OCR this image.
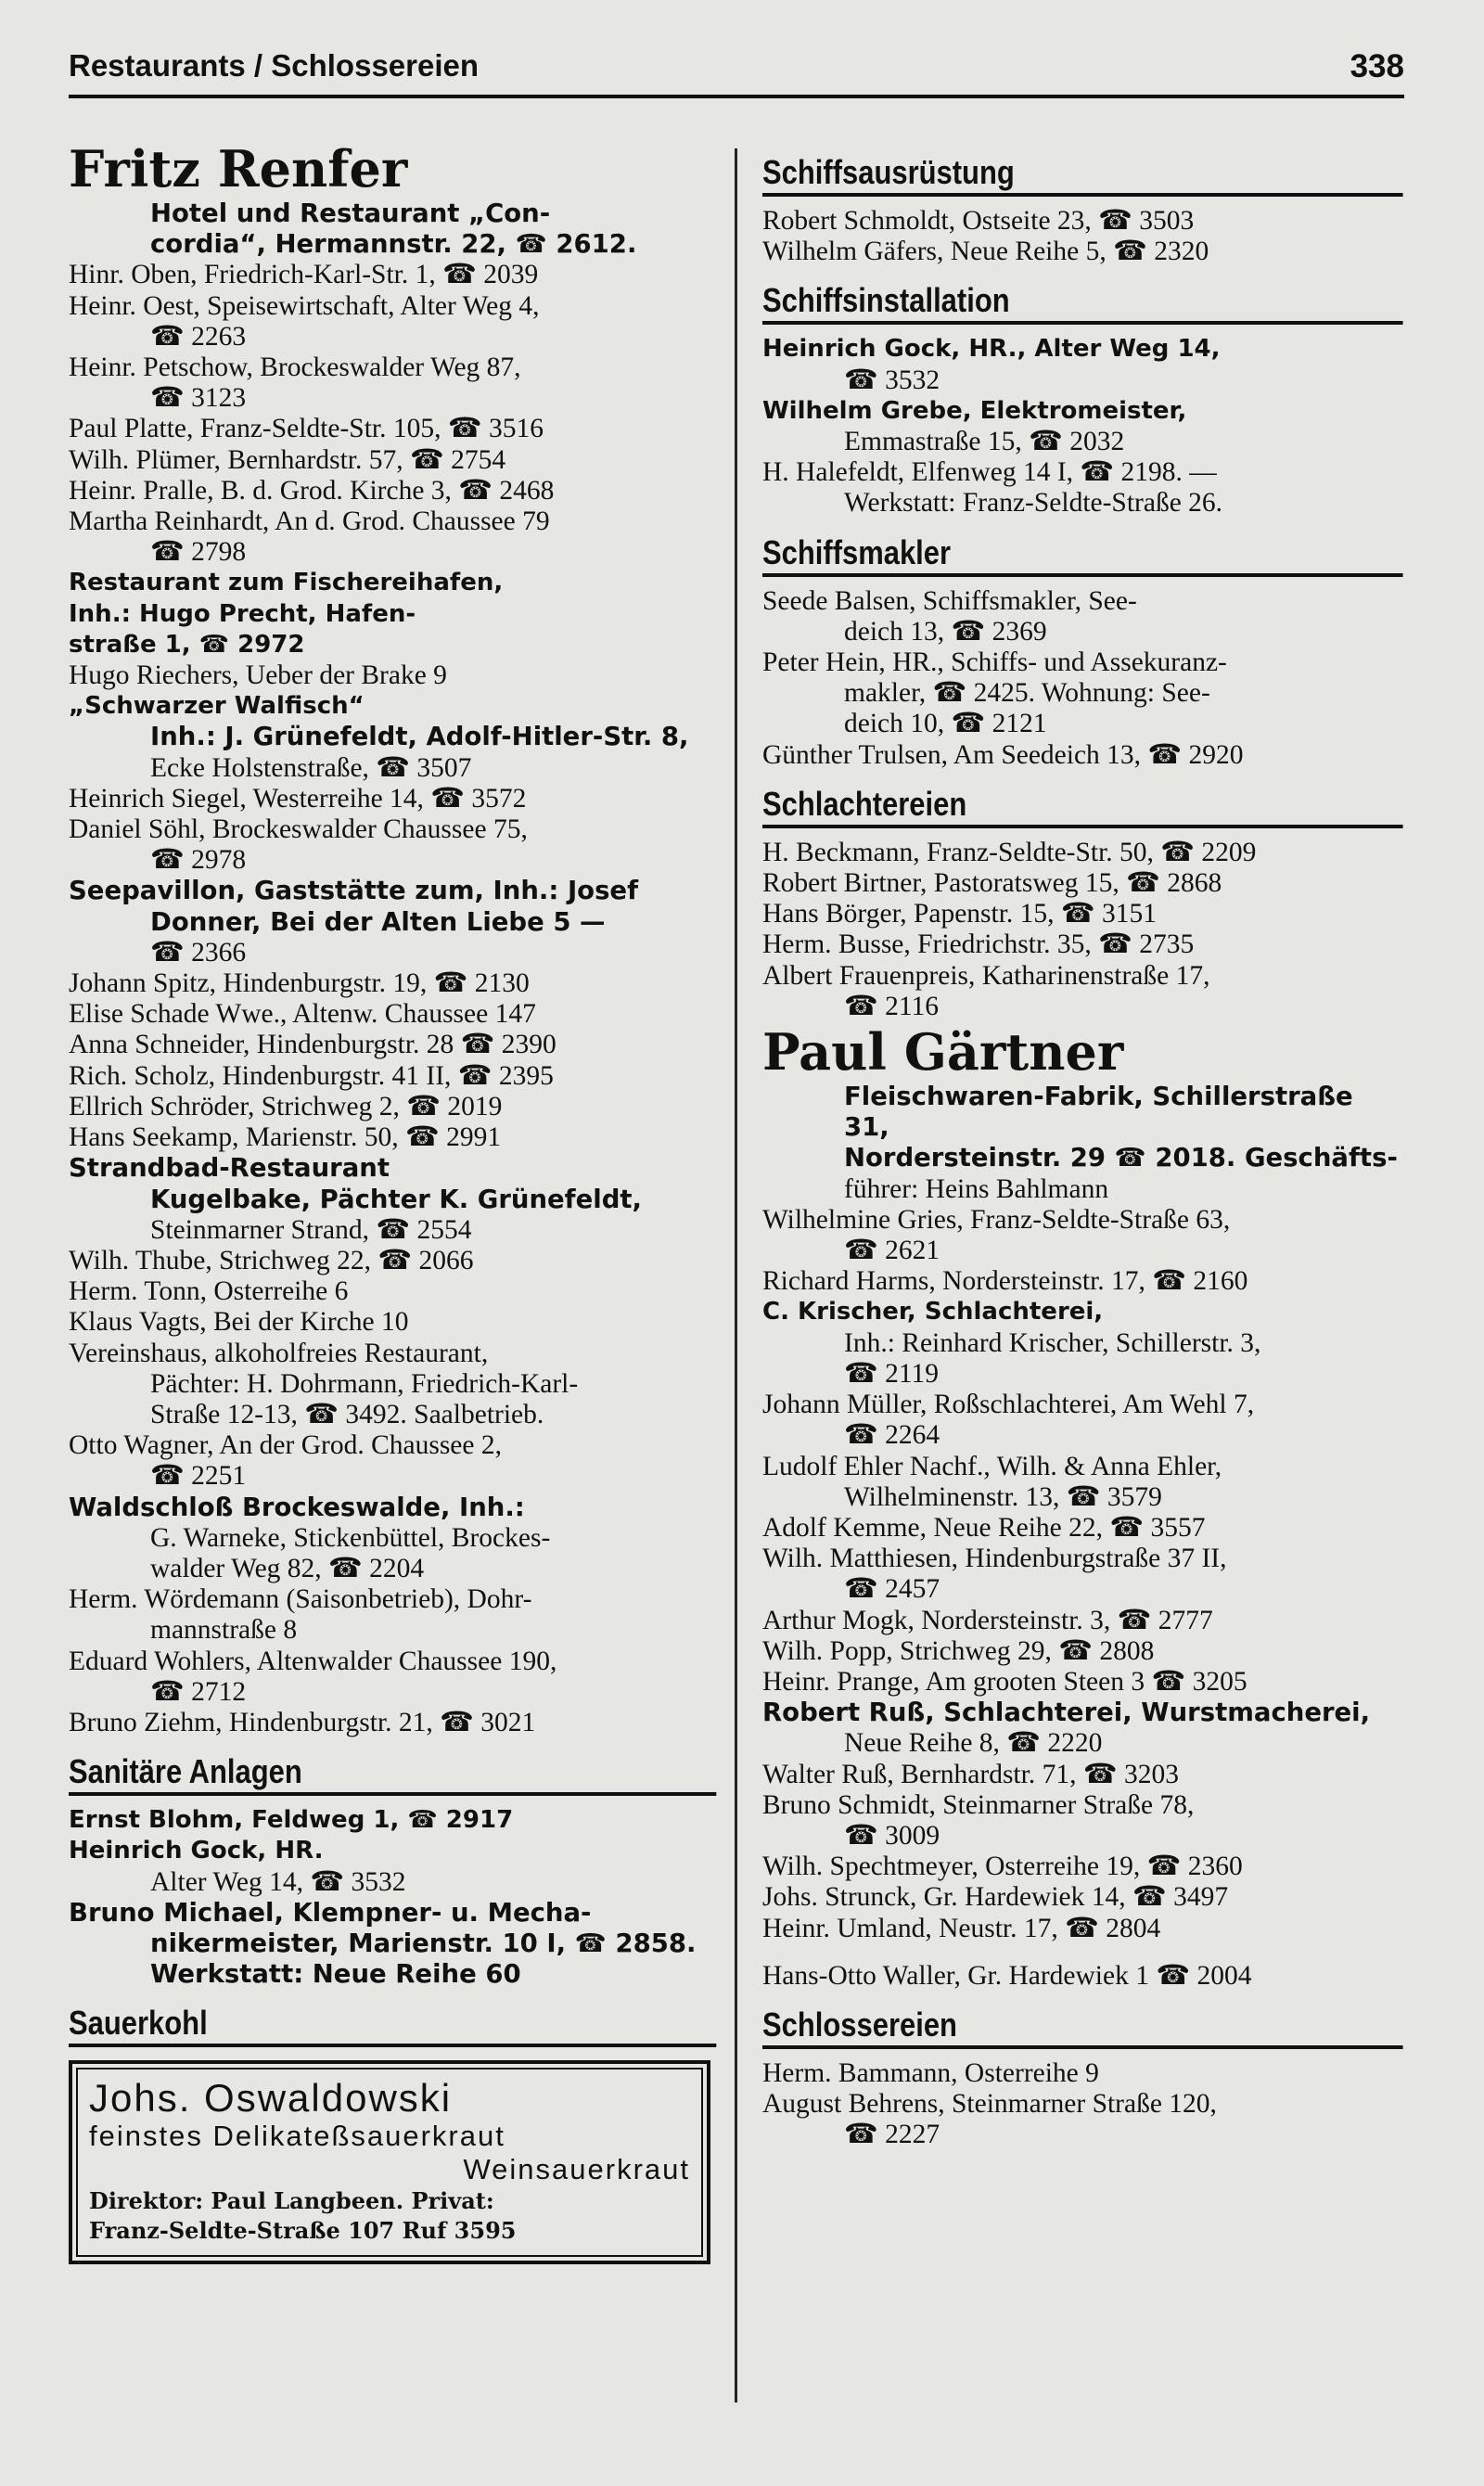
Restaurants / Schlossereien	338
Fritz Renfer
Hotel und Restaurant „Con-
cordia“, Hermannstr. 22, ☎ 2612.
Hinr. Oben, Friedrich-Karl-Str. 1, ☎ 2039
Heinr. Oest, Speisewirtschaft, Alter Weg 4,
☎ 2263
Heinr. Petschow, Brockeswalder Weg 87,
☎ 3123
Paul Platte, Franz-Seldte-Str. 105, ☎ 3516
Wilh. Plümer, Bernhardstr. 57, ☎ 2754
Heinr. Pralle, B. d. Grod. Kirche 3, ☎ 2468
Martha Reinhardt, An d. Grod. Chaussee 79
☎ 2798
Restaurant zum Fischereihafen,
Inh.: Hugo Precht, Hafen-
straße 1, ☎ 2972
Hugo Riechers, Ueber der Brake 9
„Schwarzer Walfisch“
Inh.: J. Grünefeldt, Adolf-Hitler-Str. 8,
Ecke Holstenstraße, ☎ 3507
Heinrich Siegel, Westerreihe 14, ☎ 3572
Daniel Söhl, Brockeswalder Chaussee 75,
☎ 2978
Seepavillon, Gaststätte zum, Inh.: Josef
Donner, Bei der Alten Liebe 5 —
☎ 2366
Johann Spitz, Hindenburgstr. 19, ☎ 2130
Elise Schade Wwe., Altenw. Chaussee 147
Anna Schneider, Hindenburgstr. 28 ☎ 2390
Rich. Scholz, Hindenburgstr. 41 II, ☎ 2395
Ellrich Schröder, Strichweg 2, ☎ 2019
Hans Seekamp, Marienstr. 50, ☎ 2991
Strandbad-Restaurant
Kugelbake, Pächter K. Grünefeldt,
Steinmarner Strand, ☎ 2554
Wilh. Thube, Strichweg 22, ☎ 2066
Herm. Tonn, Osterreihe 6
Klaus Vagts, Bei der Kirche 10
Vereinshaus, alkoholfreies Restaurant,
Pächter: H. Dohrmann, Friedrich-Karl-
Straße 12-13, ☎ 3492. Saalbetrieb.
Otto Wagner, An der Grod. Chaussee 2,
☎ 2251
Waldschloß Brockeswalde, Inh.:
G. Warneke, Stickenbüttel, Brockes-
walder Weg 82, ☎ 2204
Herm. Wördemann (Saisonbetrieb), Dohr-
mannstraße 8
Eduard Wohlers, Altenwalder Chaussee 190,
☎ 2712
Bruno Ziehm, Hindenburgstr. 21, ☎ 3021
Sanitäre Anlagen
Ernst Blohm, Feldweg 1, ☎ 2917
Heinrich Gock, HR.
Alter Weg 14, ☎ 3532
Bruno Michael, Klempner- u. Mecha-
nikermeister, Marienstr. 10 I, ☎ 2858.
Werkstatt: Neue Reihe 60
Sauerkohl
Johs. Oswaldowski
feinstes Delikateßsauerkraut
Weinsauerkraut
Direktor: Paul Langbeen. Privat:
Franz-Seldte-Straße 107 Ruf 3595
Schiffsausrüstung
Robert Schmoldt, Ostseite 23, ☎ 3503
Wilhelm Gäfers, Neue Reihe 5, ☎ 2320
Schiffsinstallation
Heinrich Gock, HR., Alter Weg 14,
☎ 3532
Wilhelm Grebe, Elektromeister,
Emmastraße 15, ☎ 2032
H. Halefeldt, Elfenweg 14 I, ☎ 2198. —
Werkstatt: Franz-Seldte-Straße 26.
Schiffsmakler
Seede Balsen, Schiffsmakler, See-
deich 13, ☎ 2369
Peter Hein, HR., Schiffs- und Assekuranz-
makler, ☎ 2425. Wohnung: See-
deich 10, ☎ 2121
Günther Trulsen, Am Seedeich 13, ☎ 2920
Schlachtereien
H. Beckmann, Franz-Seldte-Str. 50, ☎ 2209
Robert Birtner, Pastoratsweg 15, ☎ 2868
Hans Börger, Papenstr. 15, ☎ 3151
Herm. Busse, Friedrichstr. 35, ☎ 2735
Albert Frauenpreis, Katharinenstraße 17,
☎ 2116
Paul Gärtner
Fleischwaren-Fabrik, Schillerstraße 31,
Nordersteinstr. 29 ☎ 2018. Geschäfts-
führer: Heins Bahlmann
Wilhelmine Gries, Franz-Seldte-Straße 63,
☎ 2621
Richard Harms, Nordersteinstr. 17, ☎ 2160
C. Krischer, Schlachterei,
Inh.: Reinhard Krischer, Schillerstr. 3,
☎ 2119
Johann Müller, Roßschlachterei, Am Wehl 7,
☎ 2264
Ludolf Ehler Nachf., Wilh. & Anna Ehler,
Wilhelminenstr. 13, ☎ 3579
Adolf Kemme, Neue Reihe 22, ☎ 3557
Wilh. Matthiesen, Hindenburgstraße 37 II,
☎ 2457
Arthur Mogk, Nordersteinstr. 3, ☎ 2777
Wilh. Popp, Strichweg 29, ☎ 2808
Heinr. Prange, Am grooten Steen 3 ☎ 3205
Robert Ruß, Schlachterei, Wurstmacherei,
Neue Reihe 8, ☎ 2220
Walter Ruß, Bernhardstr. 71, ☎ 3203
Bruno Schmidt, Steinmarner Straße 78,
☎ 3009
Wilh. Spechtmeyer, Osterreihe 19, ☎ 2360
Johs. Strunck, Gr. Hardewiek 14, ☎ 3497
Heinr. Umland, Neustr. 17, ☎ 2804
Hans-Otto Waller, Gr. Hardewiek 1 ☎ 2004
Schlossereien
Herm. Bammann, Osterreihe 9
August Behrens, Steinmarner Straße 120,
☎ 2227
